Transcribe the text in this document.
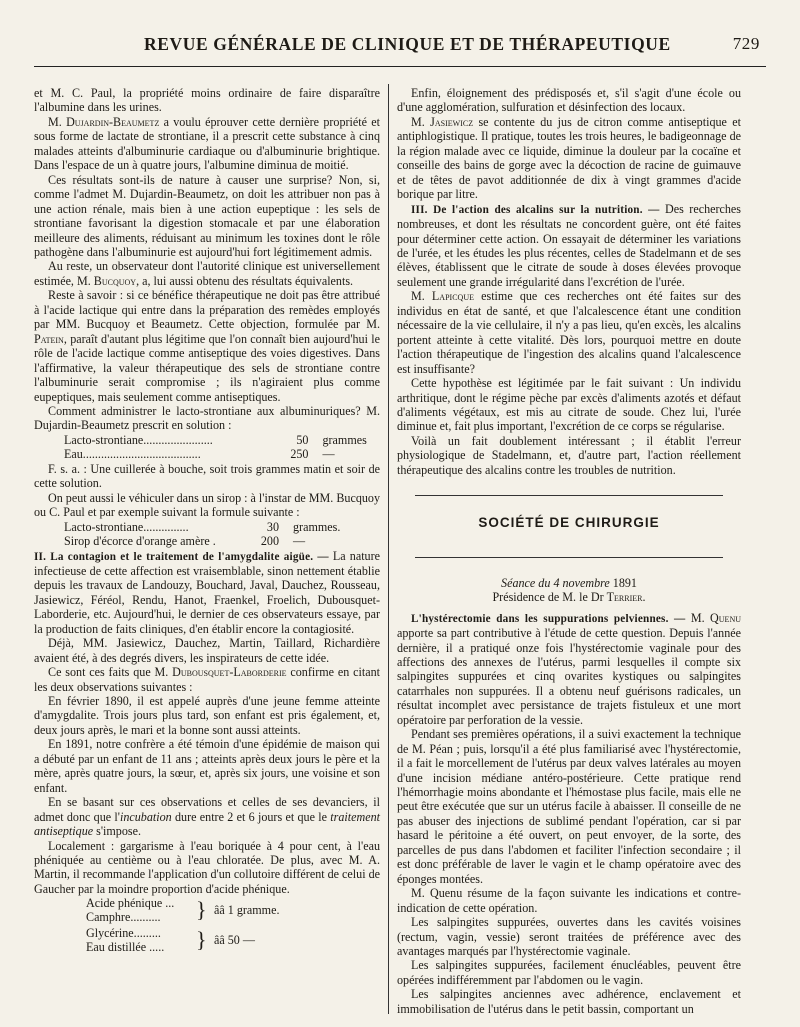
REVUE GÉNÉRALE DE CLINIQUE ET DE THÉRAPEUTIQUE	729

et M. C. Paul, la propriété moins ordinaire de faire disparaître l'albumine dans les urines.

M. Dujardin-Beaumetz a voulu éprouver cette dernière propriété et sous forme de lactate de strontiane, il a prescrit cette substance à cinq malades atteints d'albuminurie cardiaque ou d'albuminurie brightique. Dans l'espace de un à quatre jours, l'albumine diminua de moitié.

Ces résultats sont-ils de nature à causer une surprise? Non, si, comme l'admet M. Dujardin-Beaumetz, on doit les attribuer non pas à une action rénale, mais bien à une action eupeptique : les sels de strontiane favorisant la digestion stomacale et par une élaboration meilleure des aliments, réduisant au minimum les toxines dont le rôle pathogène dans l'albuminurie est aujourd'hui fort légitimement admis.

Au reste, un observateur dont l'autorité clinique est universellement estimée, M. Bucquoy, a, lui aussi obtenu des résultats équivalents.

Reste à savoir : si ce bénéfice thérapeutique ne doit pas être attribué à l'acide lactique qui entre dans la préparation des remèdes employés par MM. Bucquoy et Beaumetz. Cette objection, formulée par M. Patein, paraît d'autant plus légitime que l'on connaît bien aujourd'hui le rôle de l'acide lactique comme antiseptique des voies digestives. Dans l'affirmative, la valeur thérapeutique des sels de strontiane contre l'albuminurie serait compromise ; ils n'agiraient plus comme eupeptiques, mais seulement comme antiseptiques.

Comment administrer le lacto-strontiane aux albuminuriques? M. Dujardin-Beaumetz prescrit en solution :

Lacto-strontiane.......................	50	grammes
Eau.......................................	250	—

F. s. a. : Une cuillerée à bouche, soit trois grammes matin et soir de cette solution.

On peut aussi le véhiculer dans un sirop : à l'instar de MM. Bucquoy ou C. Paul et par exemple suivant la formule suivante :

Lacto-strontiane...............	30	grammes.
Sirop d'écorce d'orange amère .	200	—

II. La contagion et le traitement de l'amygdalite aigüe. — La nature infectieuse de cette affection est vraisemblable, sinon nettement établie depuis les travaux de Landouzy, Bouchard, Javal, Dauchez, Rousseau, Jasiewicz, Féréol, Rendu, Hanot, Fraenkel, Froelich, Dubousquet-Laborderie, etc. Aujourd'hui, le dernier de ces observateurs essaye, par la production de faits cliniques, d'en établir encore la contagiosité.

Déjà, MM. Jasiewicz, Dauchez, Martin, Taillard, Richardière avaient été, à des degrés divers, les inspirateurs de cette idée.

Ce sont ces faits que M. Dubousquet-Laborderie confirme en citant les deux observations suivantes :

En février 1890, il est appelé auprès d'une jeune femme atteinte d'amygdalite. Trois jours plus tard, son enfant est pris également, et, deux jours après, le mari et la bonne sont aussi atteints.

En 1891, notre confrère a été témoin d'une épidémie de maison qui a débuté par un enfant de 11 ans ; atteints après deux jours le père et la mère, après quatre jours, la sœur, et, après six jours, une voisine et son enfant.

En se basant sur ces observations et celles de ses devanciers, il admet donc que l'incubation dure entre 2 et 6 jours et que le traitement antiseptique s'impose.

Localement : gargarisme à l'eau boriquée à 4 pour cent, à l'eau phéniquée au centième ou à l'eau chloratée. De plus, avec M. A. Martin, il recommande l'application d'un collutoire différent de celui de Gaucher par la moindre proportion d'acide phénique.

Acide phénique ...
Camphre.......... } ââ 1 gramme.
Glycérine.........
Eau distillée ..... } ââ 50 —

Enfin, éloignement des prédisposés et, s'il s'agit d'une école ou d'une agglomération, sulfuration et désinfection des locaux.

M. Jasiewicz se contente du jus de citron comme antiseptique et antiphlogistique. Il pratique, toutes les trois heures, le badigeonnage de la région malade avec ce liquide, diminue la douleur par la cocaïne et conseille des bains de gorge avec la décoction de racine de guimauve et de têtes de pavot additionnée de dix à vingt grammes d'acide borique par litre.

III. De l'action des alcalins sur la nutrition. — Des recherches nombreuses, et dont les résultats ne concordent guère, ont été faites pour déterminer cette action. On essayait de déterminer les variations de l'urée, et les études les plus récentes, celles de Stadelmann et de ses élèves, établissent que le citrate de soude à doses élevées provoque seulement une grande irrégularité dans l'excrétion de l'urée.

M. Lapicque estime que ces recherches ont été faites sur des individus en état de santé, et que l'alcalescence étant une condition nécessaire de la vie cellulaire, il n'y a pas lieu, qu'en excès, les alcalins portent atteinte à cette vitalité. Dès lors, pourquoi mettre en doute l'action thérapeutique de l'ingestion des alcalins quand l'alcalescence est insuffisante?

Cette hypothèse est légitimée par le fait suivant : Un individu arthritique, dont le régime pèche par excès d'aliments azotés et défaut d'aliments végétaux, est mis au citrate de soude. Chez lui, l'urée diminue et, fait plus important, l'excrétion de ce corps se régularise.

Voilà un fait doublement intéressant ; il établit l'erreur physiologique de Stadelmann, et, d'autre part, l'action réellement thérapeutique des alcalins contre les troubles de nutrition.

SOCIÉTÉ DE CHIRURGIE

Séance du 4 novembre 1891

Présidence de M. le Dr Terrier.

L'hystérectomie dans les suppurations pelviennes. — M. Quenu apporte sa part contributive à l'étude de cette question. Depuis l'année dernière, il a pratiqué onze fois l'hystérectomie vaginale pour des affections des annexes de l'utérus, parmi lesquelles il compte six salpingites suppurées et cinq ovarites kystiques ou salpingites catarrhales non suppurées. Il a obtenu neuf guérisons radicales, un résultat incomplet avec persistance de trajets fistuleux et une mort opératoire par perforation de la vessie.

Pendant ses premières opérations, il a suivi exactement la technique de M. Péan ; puis, lorsqu'il a été plus familiarisé avec l'hystérectomie, il a fait le morcellement de l'utérus par deux valves latérales au moyen d'une incision médiane antéro-postérieure. Cette pratique rend l'hémorrhagie moins abondante et l'hémostase plus facile, mais elle ne peut être exécutée que sur un utérus facile à abaisser. Il conseille de ne pas abuser des injections de sublimé pendant l'opération, car si par hasard le péritoine a été ouvert, on peut envoyer, de la sorte, des parcelles de pus dans l'abdomen et faciliter l'infection secondaire ; il est donc préférable de laver le vagin et le champ opératoire avec des éponges montées.

M. Quenu résume de la façon suivante les indications et contre-indication de cette opération.

Les salpingites suppurées, ouvertes dans les cavités voisines (rectum, vagin, vessie) seront traitées de préférence avec des avantages marqués par l'hystérectomie vaginale.

Les salpingites suppurées, facilement énucléables, peuvent être opérées indifféremment par l'abdomen ou le vagin.

Les salpingites anciennes avec adhérence, enclavement et immobilisation de l'utérus dans le petit bassin, comportant un
